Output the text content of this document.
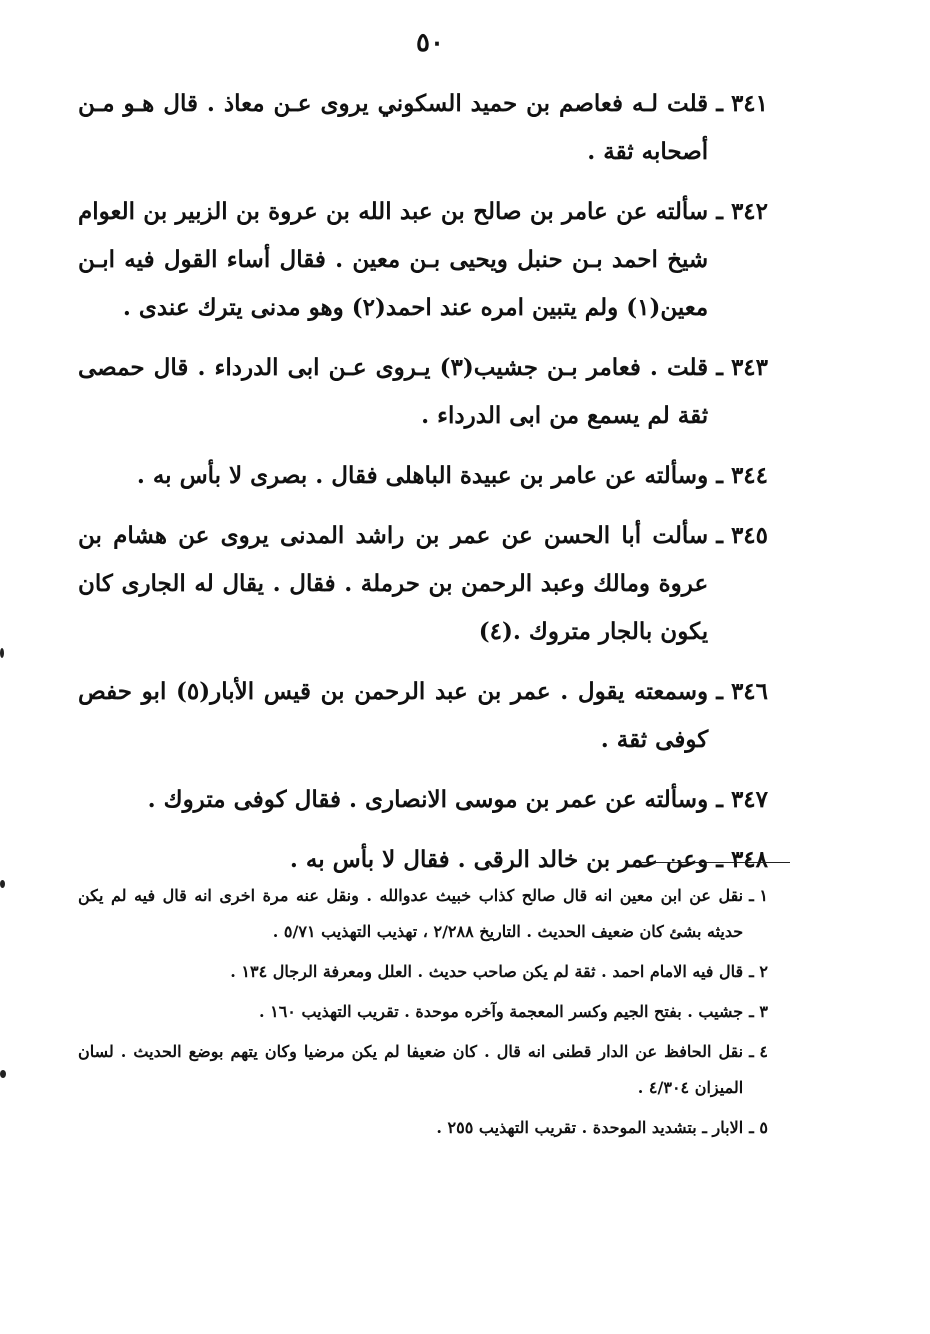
٥٠
٣٤١ ـ
قلت لـه فعاصم بن حميد السكوني يروى عـن معاذ . قال هـو مـن أصحابه ثقة .
٣٤٢ ـ
سألته عن عامر بن صالح بن عبد الله بن عروة بن الزبير بن العوام شيخ احمد بـن حنبل ويحيى بـن معين . فقال أساء القول فيه ابـن معين(١) ولم يتبين امره عند احمد(٢) وهو مدنى يترك عندى .
٣٤٣ ـ
قلت . فعامر بـن جشيب(٣) يـروى عـن ابى الدرداء . قال حمصى ثقة لم يسمع من ابى الدرداء .
٣٤٤ ـ
وسألته عن عامر بن عبيدة الباهلى فقال . بصرى لا بأس به .
٣٤٥ ـ
سألت أبا الحسن عن عمر بن راشد المدنى يروى عن هشام بن عروة ومالك وعبد الرحمن بن حرملة . فقال . يقال له الجارى كان يكون بالجار متروك .(٤)
٣٤٦ ـ
وسمعته يقول . عمر بن عبد الرحمن بن قيس الأبار(٥) ابو حفص كوفى ثقة .
٣٤٧ ـ
وسألته عن عمر بن موسى الانصارى . فقال كوفى متروك .
٣٤٨ ـ
وعن عمر بن خالد الرقى . فقال لا بأس به .
١ ـ
نقل عن ابن معين انه قال صالح كذاب خبيث عدوالله . ونقل عنه مرة اخرى انه قال فيه لم يكن حديثه بشئ كان ضعيف الحديث . التاريخ ٢/٢٨٨ ، تهذيب التهذيب ٥/٧١ .
٢ ـ
قال فيه الامام احمد . ثقة لم يكن صاحب حديث . العلل ومعرفة الرجال ١٣٤ .
٣ ـ
جشيب . بفتح الجيم وكسر المعجمة وآخره موحدة . تقريب التهذيب ١٦٠ .
٤ ـ
نقل الحافظ عن الدار قطنى انه قال . كان ضعيفا لم يكن مرضيا وكان يتهم بوضع الحديث . لسان الميزان ٤/٣٠٤ .
٥ ـ
الابار ـ بتشديد الموحدة . تقريب التهذيب ٢٥٥ .
